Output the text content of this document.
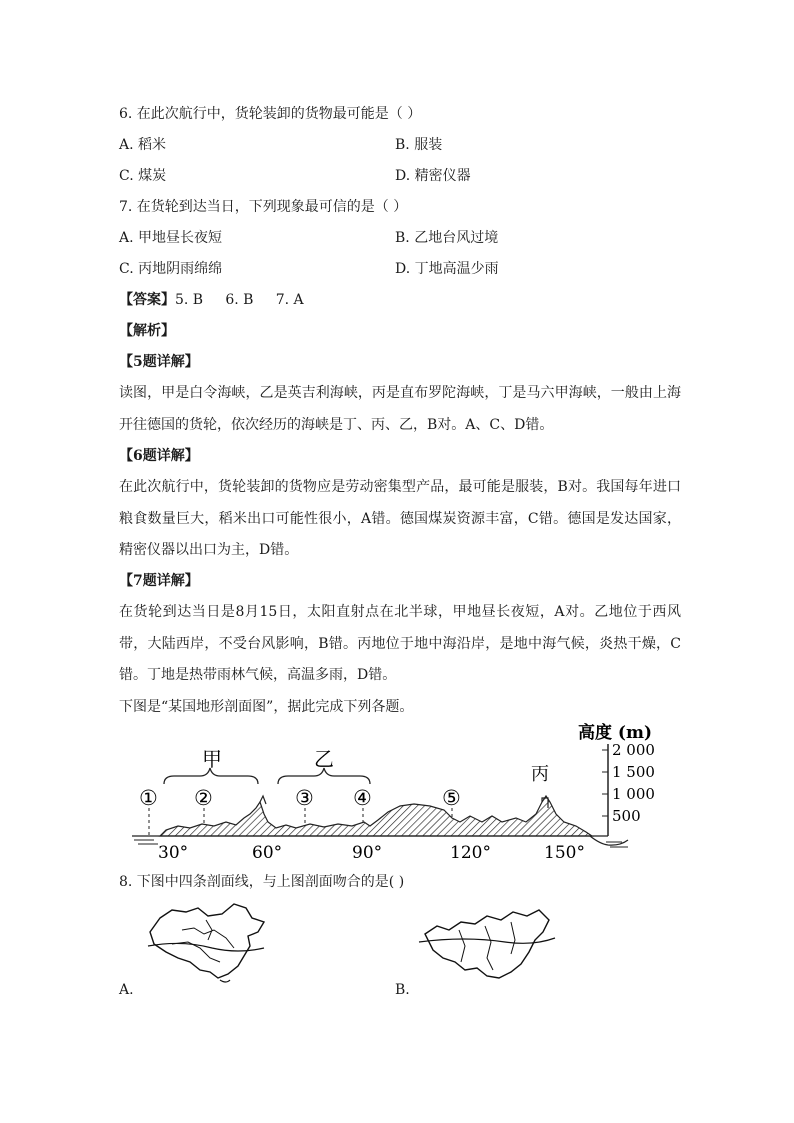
6. 在此次航行中，货轮装卸的货物最可能是（ ）
A. 稻米	B. 服装
C. 煤炭	D. 精密仪器
7. 在货轮到达当日，下列现象最可信的是（ ）
A. 甲地昼长夜短	B. 乙地台风过境
C. 丙地阴雨绵绵	D. 丁地高温少雨
【答案】5. B     6. B     7. A
【解析】
【5题详解】
读图，甲是白令海峡，乙是英吉利海峡，丙是直布罗陀海峡，丁是马六甲海峡，一般由上海开往德国的货轮，依次经历的海峡是丁、丙、乙，B对。A、C、D错。
【6题详解】
在此次航行中，货轮装卸的货物应是劳动密集型产品，最可能是服装，B对。我国每年进口粮食数量巨大，稻米出口可能性很小，A错。德国煤炭资源丰富，C错。德国是发达国家，精密仪器以出口为主，D错。
【7题详解】
在货轮到达当日是8月15日，太阳直射点在北半球，甲地昼长夜短，A对。乙地位于西风带，大陆西岸，不受台风影响，B错。丙地位于地中海沿岸，是地中海气候，炎热干燥，C错。丁地是热带雨林气候，高温多雨，D错。
下图是“某国地形剖面图”，据此完成下列各题。
高度 (m)
2 000
1 500
1 000
500
30°	60°	90°	120°	150°
甲	乙
丙
① ②	③ ④	⑤
8. 下图中四条剖面线，与上图剖面吻合的是( )
A.	B.
